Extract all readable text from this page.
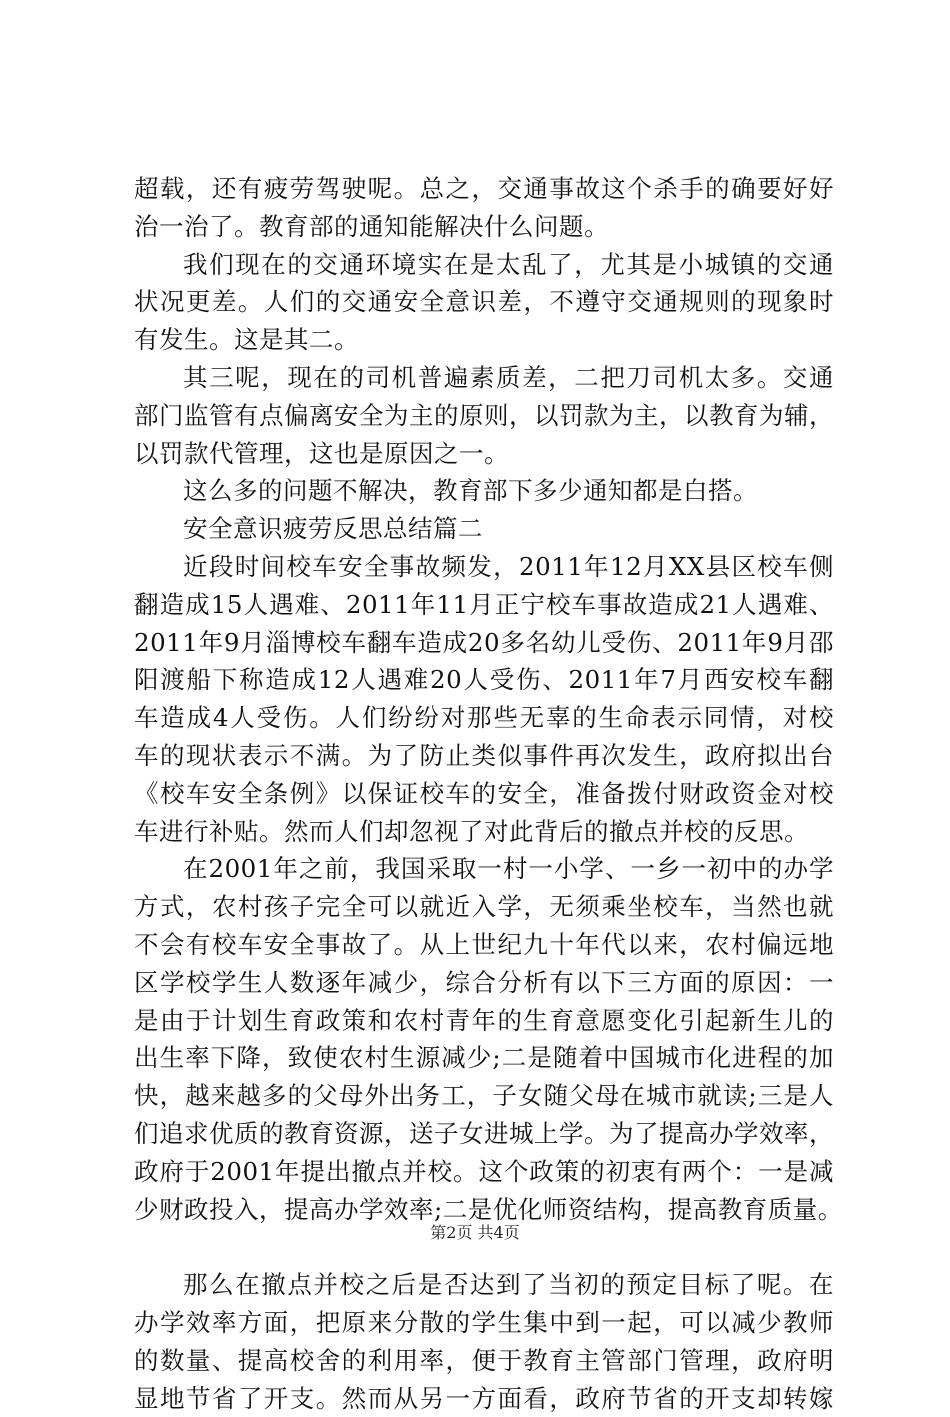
超载，还有疲劳驾驶呢。总之，交通事故这个杀手的确要好好
治一治了。教育部的通知能解决什么问题。
我们现在的交通环境实在是太乱了，尤其是小城镇的交通
状况更差。人们的交通安全意识差，不遵守交通规则的现象时
有发生。这是其二。
其三呢，现在的司机普遍素质差，二把刀司机太多。交通
部门监管有点偏离安全为主的原则，以罚款为主，以教育为辅，
以罚款代管理，这也是原因之一。
这么多的问题不解决，教育部下多少通知都是白搭。
安全意识疲劳反思总结篇二
近段时间校车安全事故频发，2011年12月XX县区校车侧
翻造成15人遇难、2011年11月正宁校车事故造成21人遇难、
2011年9月淄博校车翻车造成20多名幼儿受伤、2011年9月邵
阳渡船下称造成12人遇难20人受伤、2011年7月西安校车翻
车造成4人受伤。人们纷纷对那些无辜的生命表示同情，对校
车的现状表示不满。为了防止类似事件再次发生，政府拟出台
《校车安全条例》以保证校车的安全，准备拨付财政资金对校
车进行补贴。然而人们却忽视了对此背后的撤点并校的反思。
在2001年之前，我国采取一村一小学、一乡一初中的办学
方式，农村孩子完全可以就近入学，无须乘坐校车，当然也就
不会有校车安全事故了。从上世纪九十年代以来，农村偏远地
区学校学生人数逐年减少，综合分析有以下三方面的原因：一
是由于计划生育政策和农村青年的生育意愿变化引起新生儿的
出生率下降，致使农村生源减少;二是随着中国城市化进程的加
快，越来越多的父母外出务工，子女随父母在城市就读;三是人
们追求优质的教育资源，送子女进城上学。为了提高办学效率，
政府于2001年提出撤点并校。这个政策的初衷有两个：一是减
少财政投入，提高办学效率;二是优化师资结构，提高教育质量。
那么在撤点并校之后是否达到了当初的预定目标了呢。在
办学效率方面，把原来分散的学生集中到一起，可以减少教师
的数量、提高校舍的利用率，便于教育主管部门管理，政府明
显地节省了开支。然而从另一方面看，政府节省的开支却转嫁
第2页 共4页
